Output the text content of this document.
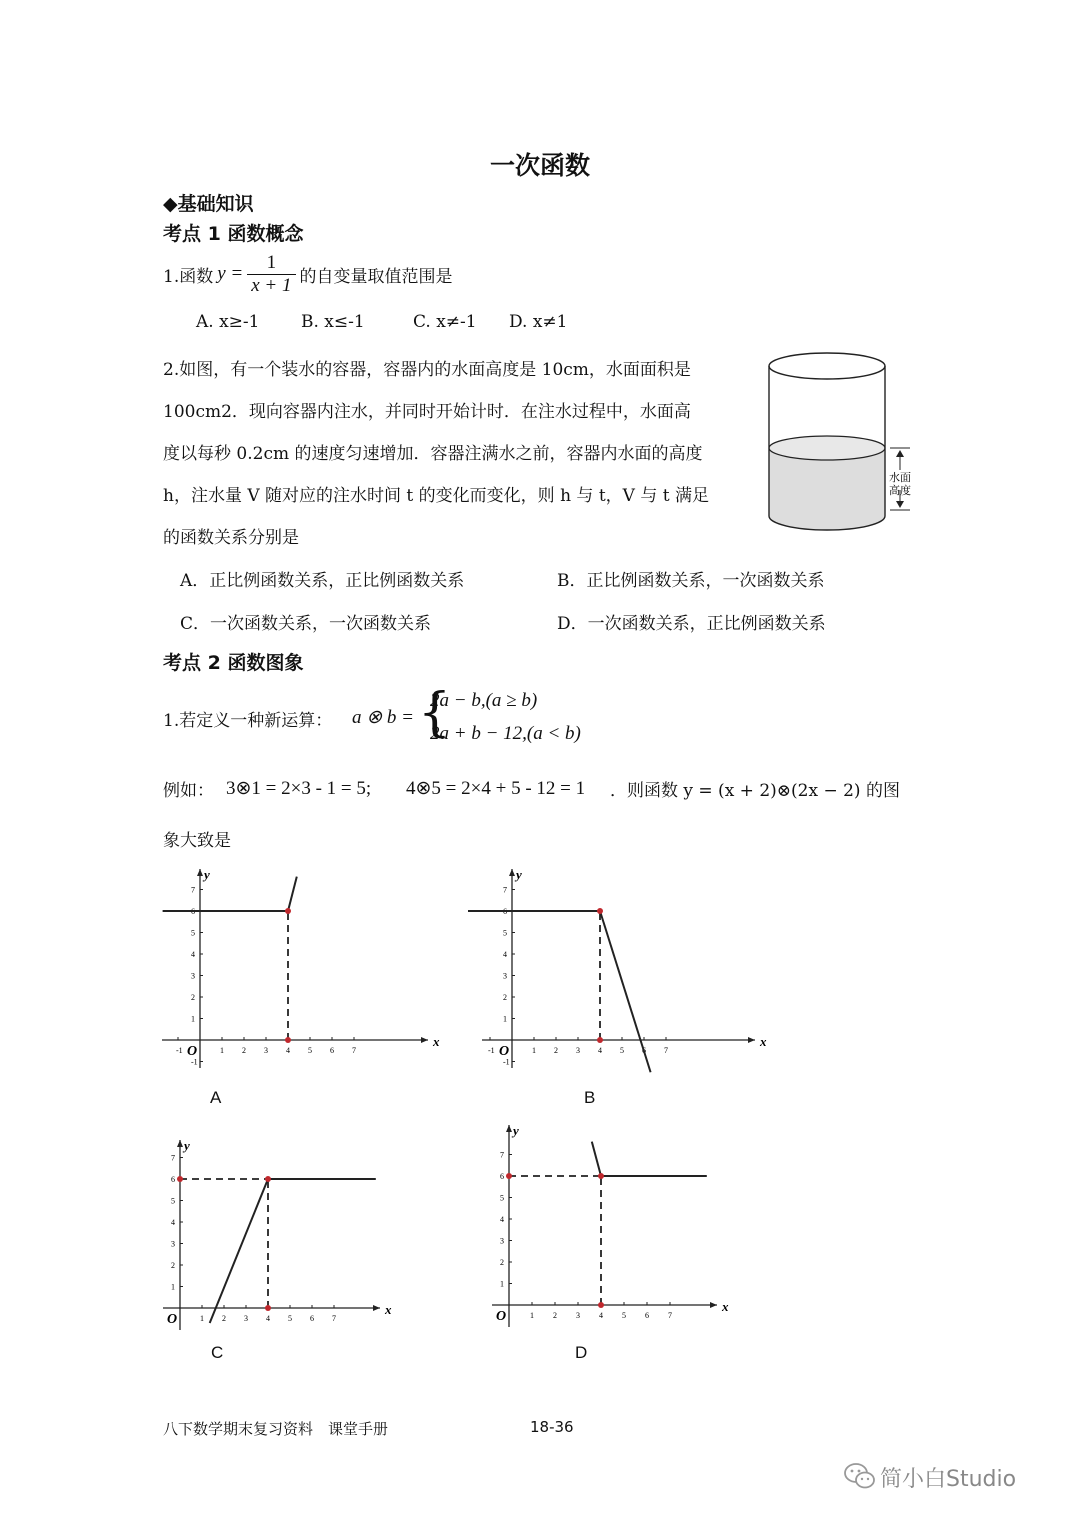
一次函数
◆基础知识
考点 1 函数概念
1.函数 $y = \frac{1}{x + 1}$ 的自变量取值范围是
A. x≥-1 B. x≤-1	C. x≠-1 D. x≠1
2.如图，有一个装水的容器，容器内的水面高度是 10cm，水面面积是
100cm2．现向容器内注水，并同时开始计时．在注水过程中，水面高
度以每秒 0.2cm 的速度匀速增加．容器注满水之前，容器内水面的高度
h，注水量 V 随对应的注水时间 t 的变化而变化，则 h 与 t，V 与 t 满足
的函数关系分别是
水面
高度
A．正比例函数关系，正比例函数关系	B．正比例函数关系，一次函数关系
C．一次函数关系，一次函数关系	D．一次函数关系，正比例函数关系
考点 2 函数图象
1.若定义一种新运算： a ⊗ b = {
2a − b,(a ≥ b)
2a + b − 12,(a < b)
例如： 3⊗1 = 2×3 - 1 = 5; 4⊗5 = 2×4 + 5 - 12 = 1 ．则函数 y = (x + 2)⊗(2x − 2) 的图
象大致是
x
y
O
-1	1 2 3 4 5 6 7
-1
1
2
3
4
5
6
7
x
y
O
-1	1 2 3 4 5 6 7
-1
1
2
3
4
5
6
7
x
y
O	1 2 3 4 5 6 7
1
2
3
4
5
6
7
x
y
O	1 2 3 4 5 6 7
1
2
3
4
5
6
7
A	B
C	D
八下数学期末复习资料　课堂手册	18-36
简小白Studio
